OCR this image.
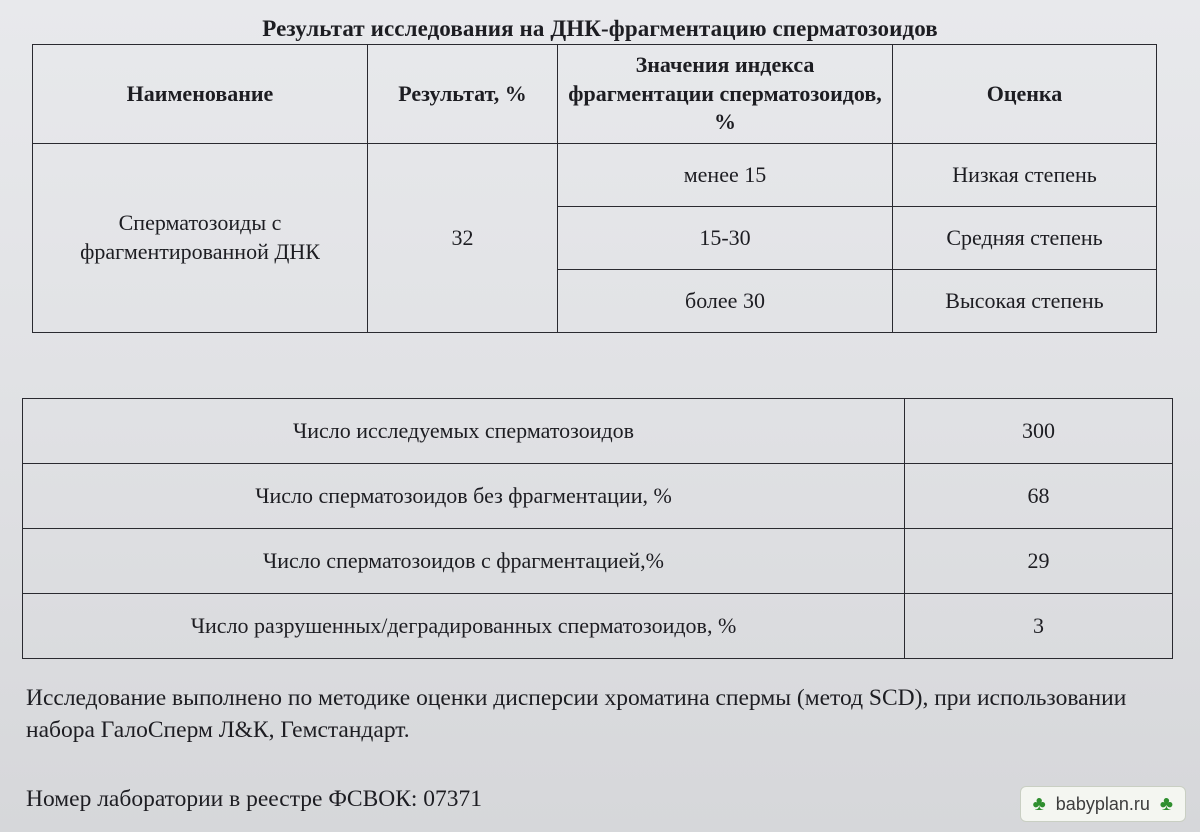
Результат исследования на ДНК-фрагментацию сперматозоидов
Наименование	Результат, %	Значения индекса фрагментации сперматозоидов, %	Оценка
Сперматозоиды с фрагментированной ДНК	32	менее 15	Низкая степень
		15-30	Средняя степень
		более 30	Высокая степень
Число исследуемых сперматозоидов	300
Число сперматозоидов без фрагментации, %	68
Число сперматозоидов с фрагментацией,%	29
Число разрушенных/деградированных сперматозоидов, %	3
Исследование выполнено по методике оценки дисперсии хроматина спермы (метод SCD), при использовании набора ГалоСперм Л&К, Гемстандарт.
Номер лаборатории в реестре ФСВОК: 07371	♣ babyplan.ru ♣
